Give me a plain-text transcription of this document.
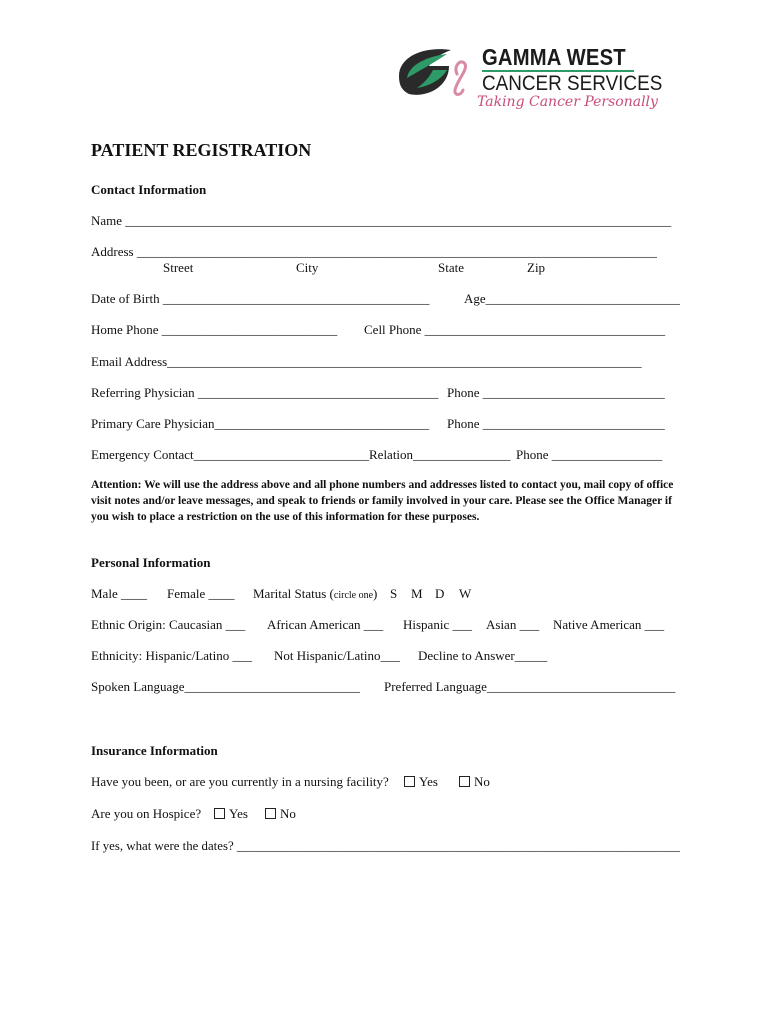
GAMMA WEST
CANCER SERVICES
Taking Cancer Personally
PATIENT REGISTRATION
Contact Information
Name ____________________________________________________________________________________
Address ________________________________________________________________________________
Street	City	State	Zip
Date of Birth _________________________________________	Age______________________________
Home Phone ___________________________ Cell Phone _____________________________________
Email Address_________________________________________________________________________
Referring Physician _____________________________________ Phone ____________________________
Primary Care Physician_________________________________ Phone ____________________________
Emergency Contact___________________________ Relation_______________ Phone _________________
Attention: We will use the address above and all phone numbers and addresses listed to contact you, mail copy of office visit notes and/or leave messages, and speak to friends or family involved in your care. Please see the Office Manager if you wish to place a restriction on the use of this information for these purposes.
Personal Information
Male ____ Female ____ Marital Status (circle one) S M D W
Ethnic Origin: Caucasian ___ African American ___ Hispanic ___ Asian ___ Native American ___
Ethnicity: Hispanic/Latino ___ Not Hispanic/Latino___ Decline to Answer_____
Spoken Language___________________________ Preferred Language_____________________________
Insurance Information
Have you been, or are you currently in a nursing facility?	Yes	No
Are you on Hospice?	Yes	No
If yes, what were the dates? _____________________________________________________________________
